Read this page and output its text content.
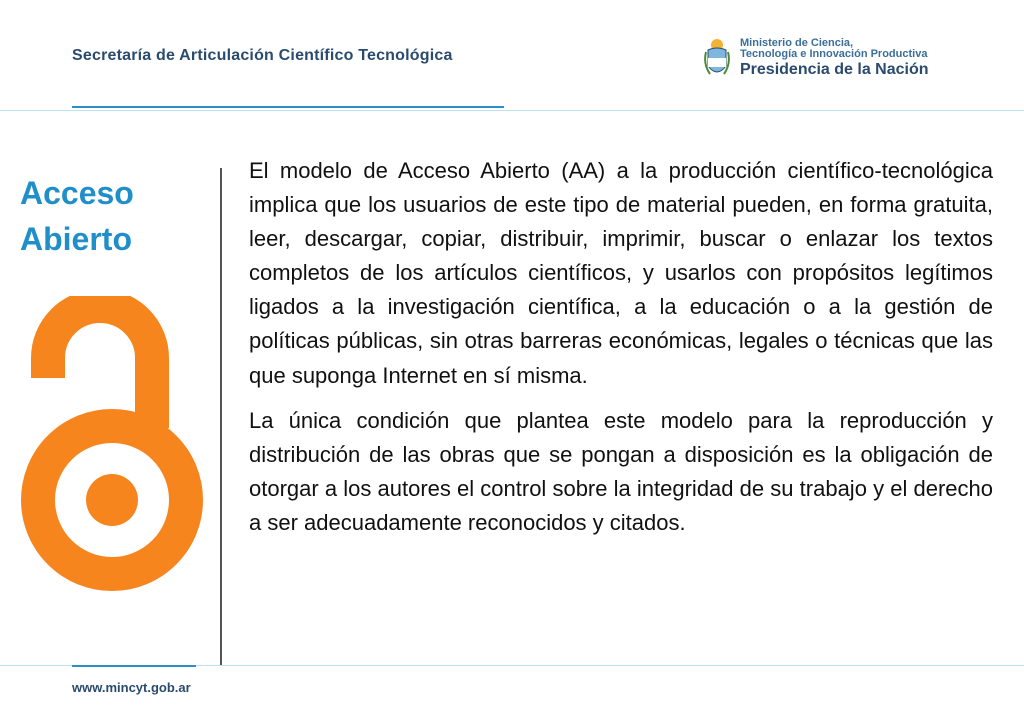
Secretaría de Articulación Científico Tecnológica
Ministerio de Ciencia,
Tecnología e Innovación Productiva
Presidencia de la Nación
Acceso
Abierto

El modelo de Acceso Abierto (AA) a la producción científico-tecnológica implica que los usuarios de este tipo de material pueden, en forma gratuita, leer, descargar, copiar, distribuir, imprimir, buscar o enlazar los textos completos de los artículos científicos, y usarlos con propósitos legítimos ligados a la investigación científica, a la educación o a la gestión de políticas públicas, sin otras barreras económicas, legales o técnicas que las que suponga Internet en sí misma.

La única condición que plantea este modelo para la reproducción y distribución de las obras que se pongan a disposición es la obligación de otorgar a los autores el control sobre la integridad de su trabajo y el derecho a ser adecuadamente reconocidos y citados.

www.mincyt.gob.ar
